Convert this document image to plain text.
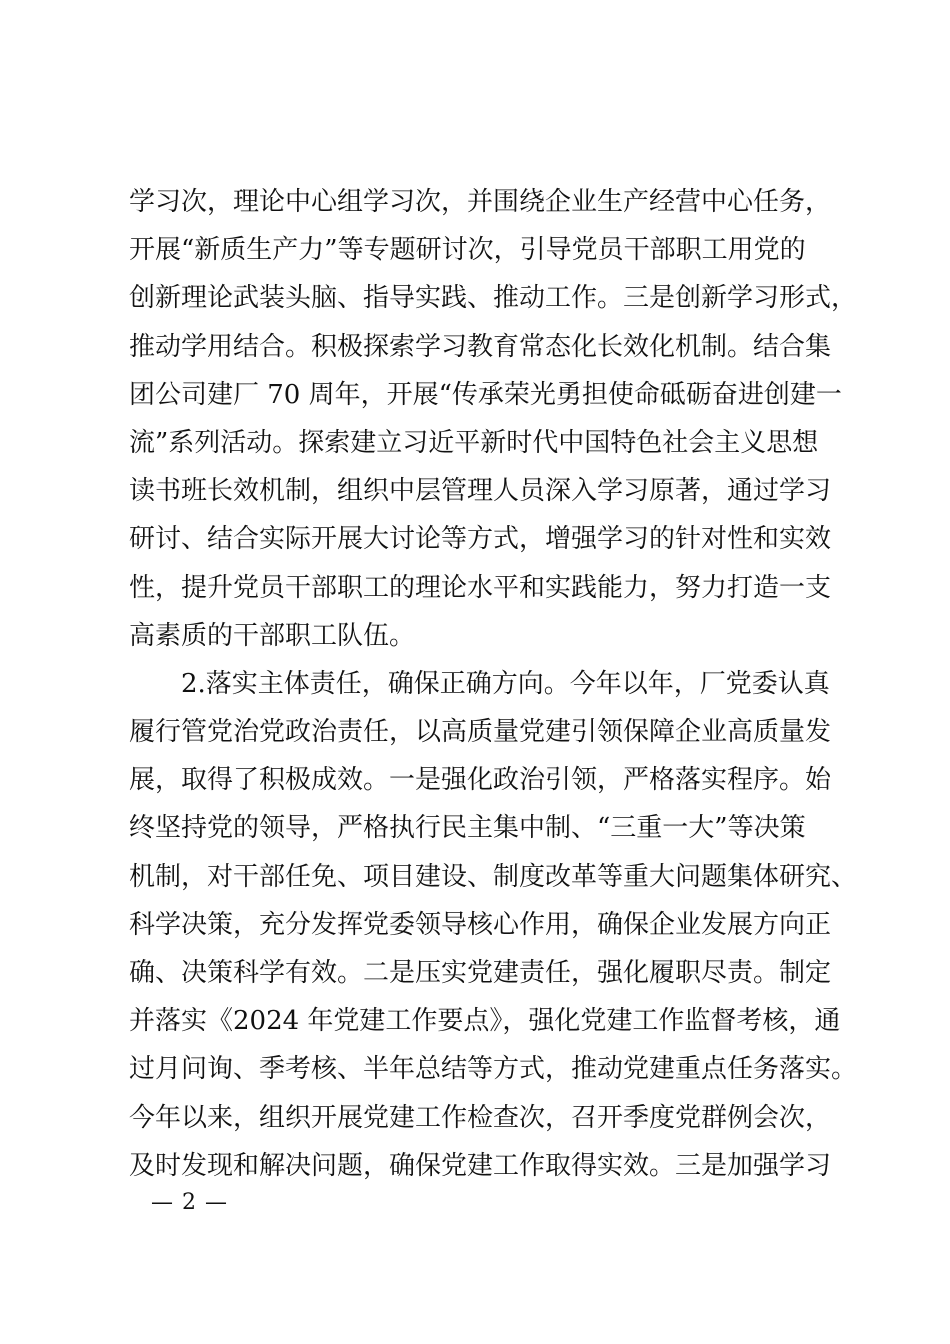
学习次，理论中心组学习次，并围绕企业生产经营中心任务，
开展“新质生产力”等专题研讨次，引导党员干部职工用党的
创新理论武装头脑、指导实践、推动工作。三是创新学习形式，
推动学用结合。积极探索学习教育常态化长效化机制。结合集
团公司建厂 70 周年，开展“传承荣光勇担使命砥砺奋进创建一
流”系列活动。探索建立习近平新时代中国特色社会主义思想
读书班长效机制，组织中层管理人员深入学习原著，通过学习
研讨、结合实际开展大讨论等方式，增强学习的针对性和实效
性，提升党员干部职工的理论水平和实践能力，努力打造一支
高素质的干部职工队伍。
2.落实主体责任，确保正确方向。今年以年，厂党委认真
履行管党治党政治责任，以高质量党建引领保障企业高质量发
展，取得了积极成效。一是强化政治引领，严格落实程序。始
终坚持党的领导，严格执行民主集中制、“三重一大”等决策
机制，对干部任免、项目建设、制度改革等重大问题集体研究、
科学决策，充分发挥党委领导核心作用，确保企业发展方向正
确、决策科学有效。二是压实党建责任，强化履职尽责。制定
并落实《2024 年党建工作要点》，强化党建工作监督考核，通
过月问询、季考核、半年总结等方式，推动党建重点任务落实。
今年以来，组织开展党建工作检查次，召开季度党群例会次，
及时发现和解决问题，确保党建工作取得实效。三是加强学习
— 2 —
